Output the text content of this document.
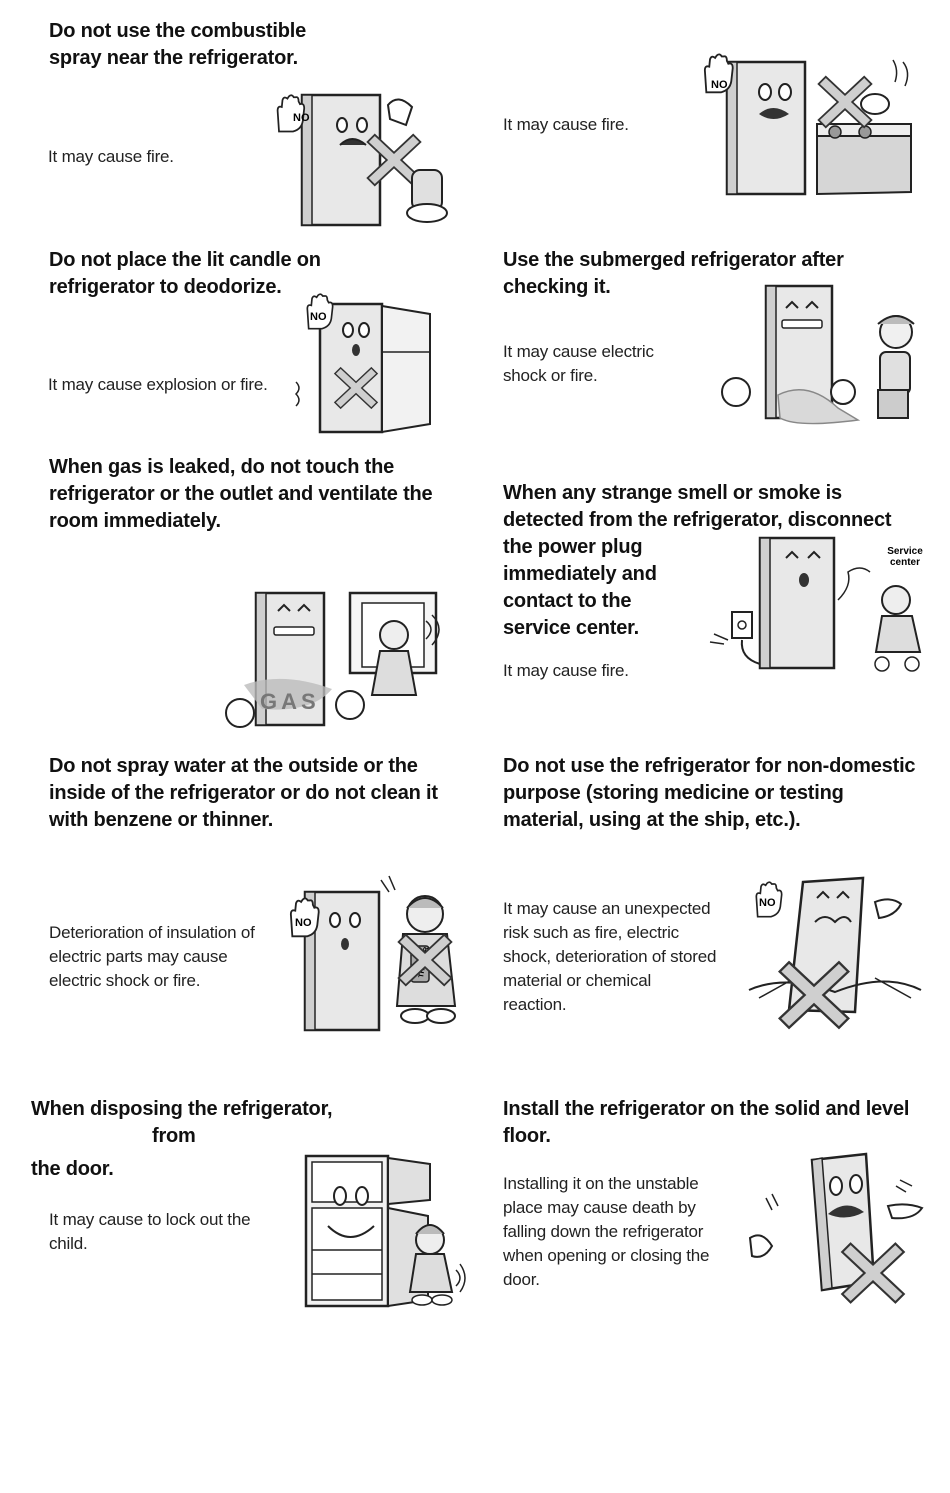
Do not use the combustible
spray near the refrigerator.
It may cause fire.
NO	It may cause fire.
NO
Do not place the lit candle on
refrigerator to deodorize.
It may cause explosion or fire.
NO
Use the submerged refrigerator after
checking it.
It may cause electric
shock or fire.
When gas is leaked, do not touch the
refrigerator or the outlet and ventilate the
room immediately.
GAS
When any strange smell or smoke is
detected from the refrigerator, disconnect
the power plug
immediately and
contact to the
service center.
It may cause fire.
Service
center
Do not spray water at the outside or the
inside of the refrigerator or do not clean it
with benzene or thinner.
Deterioration of insulation of
electric parts may cause
electric shock or fire.
NO
Do not use the refrigerator for non-domestic
purpose (storing medicine or testing
material, using at the ship, etc.).
It may cause an unexpected
risk such as fire, electric
shock, deterioration of stored
material or chemical
reaction.
NO
When disposing the refrigerator,
from
the door.
It may cause to lock out the
child.
Install the refrigerator on the solid and level
floor.
Installing it on the unstable
place may cause death by
falling down the refrigerator
when opening or closing the
door.
